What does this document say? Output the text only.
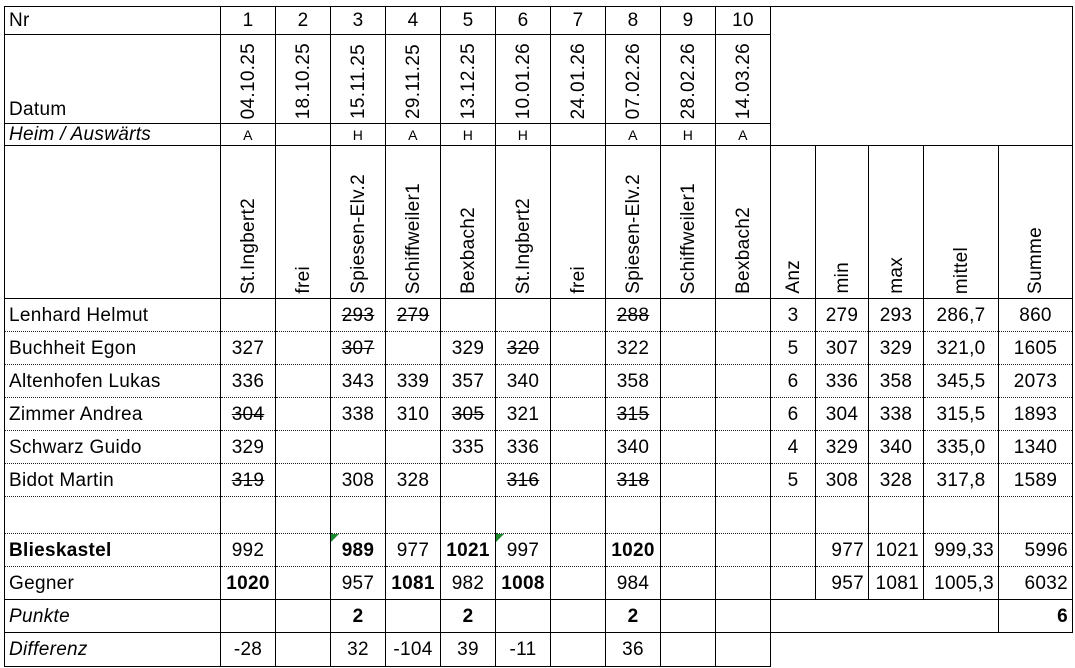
Nr	1	2	3	4	5	6	7	8	9	10					
Datum	04.10.25	18.10.25	15.11.25	29.11.25	13.12.25	10.01.26	24.01.26	07.02.26	28.02.26	14.03.26					
Heim / Auswärts	A		H	A	H	H		A	H	A					
	St.Ingbert2	frei	Spiesen-Elv.2	Schiffweiler1	Bexbach2	St.Ingbert2	frei	Spiesen-Elv.2	Schiffweiler1	Bexbach2	Anz	min	max	mittel	Summe
Lenhard Helmut			293	279				288			3	279	293	286,7	860
Buchheit Egon	327		307		329	320		322			5	307	329	321,0	1605
Altenhofen Lukas	336		343	339	357	340		358			6	336	358	345,5	2073
Zimmer Andrea	304		338	310	305	321		315			6	304	338	315,5	1893
Schwarz Guido	329				335	336		340			4	329	340	335,0	1340
Bidot Martin	319		308	328		316		318			5	308	328	317,8	1589

Blieskastel	992		989	977	1021	997		1020				977	1021	999,33	5996
Gegner	1020		957	1081	982	1008		984				957	1081	1005,3	6032
Punkte			2		2			2							6
Differenz	-28		32	-104	39	-11		36							
